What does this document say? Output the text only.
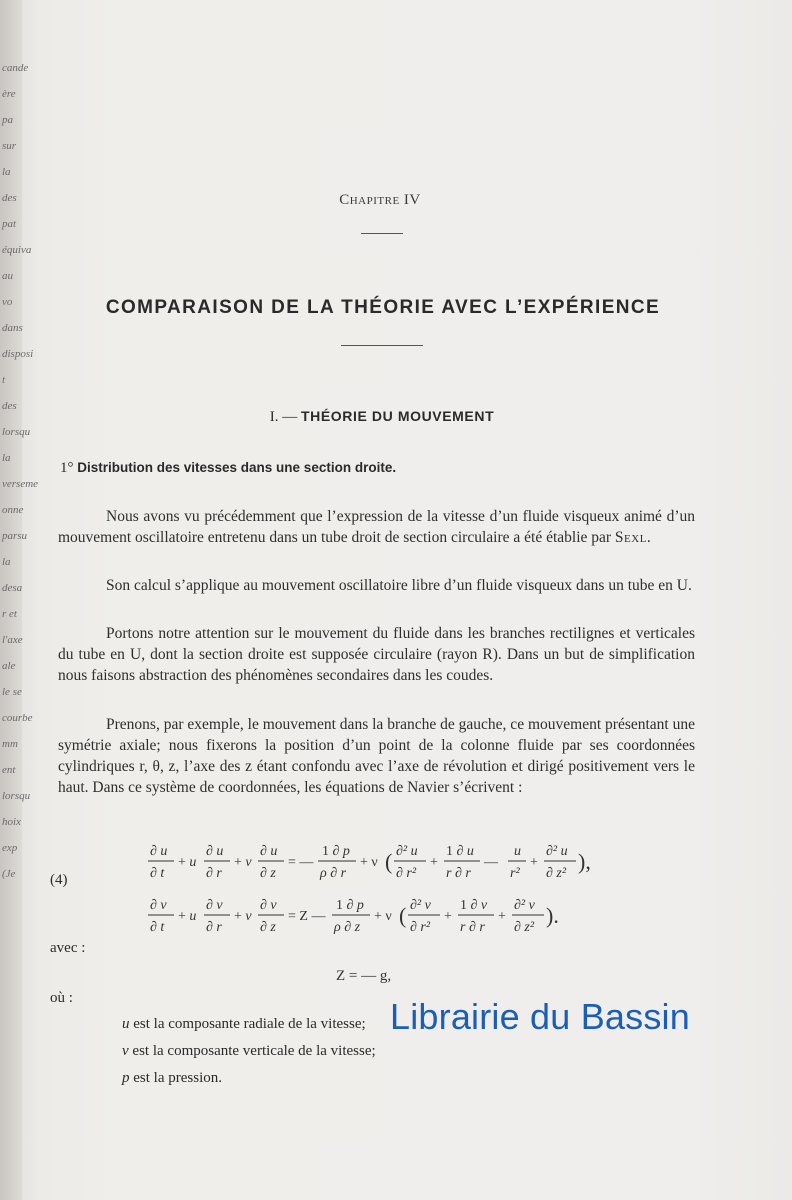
cande
ère
pa
sur
la des
pat
équiva
au vo
dans
disposi
t des
lorsqu
la
verseme
onne
parsu
la desa
r et
l'axe
ale
le se
courbe
mm
ent
lorsqu
hoix
exp
(Je
Chapitre IV
COMPARAISON DE LA THÉORIE AVEC L’EXPÉRIENCE
I. — THÉORIE DU MOUVEMENT
1° Distribution des vitesses dans une section droite.
Nous avons vu précédemment que l’expression de la vitesse d’un fluide visqueux animé d’un mouvement oscillatoire entretenu dans un tube droit de section circulaire a été établie par Sexl.
Son calcul s’applique au mouvement oscillatoire libre d’un fluide visqueux dans un tube en U.
Portons notre attention sur le mouvement du fluide dans les branches rectilignes et verticales du tube en U, dont la section droite est supposée circulaire (rayon R). Dans un but de simplification nous faisons abstraction des phénomènes secondaires dans les coudes.
Prenons, par exemple, le mouvement dans la branche de gauche, ce mouvement présentant une symétrie axiale; nous fixerons la position d’un point de la colonne fluide par ses coordonnées cylindriques r, θ, z, l’axe des z étant confondu avec l’axe de révolution et dirigé positivement vers le haut. Dans ce système de coordonnées, les équations de Navier s’écrivent :
(4)
∂ u
∂ t
+ u
∂ u
∂ r
+ v
∂ u
∂ z
= —
1 ∂ p
ρ ∂ r
+ ν ( ∂² u
∂ r²
+
1 ∂ u
r ∂ r
—
u
r²
+
∂² u
∂ z² ),
∂ v
∂ t
+ u
∂ v
∂ r
+ v
∂ v
∂ z
= Z —
1 ∂ p
ρ ∂ z
+ ν ( ∂² v
∂ r²
+
1 ∂ v
r ∂ r
+
∂² v
∂ z² ).
avec :
Z = — g,
où :
u est la composante radiale de la vitesse;
v est la composante verticale de la vitesse;
p est la pression.
Librairie du Bassin
